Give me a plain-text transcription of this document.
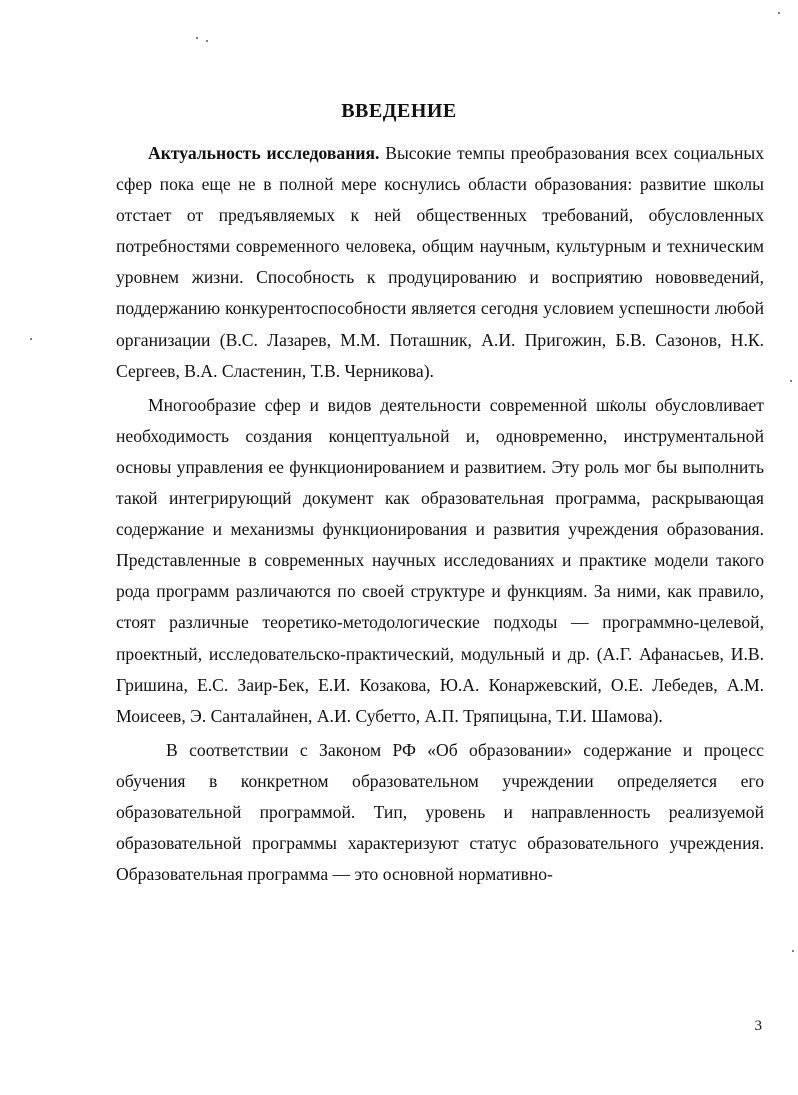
ВВЕДЕНИЕ

Актуальность исследования. Высокие темпы преобразования всех социальных сфер пока еще не в полной мере коснулись области образования: развитие школы отстает от предъявляемых к ней общественных требований, обусловленных потребностями современного человека, общим научным, культурным и техническим уровнем жизни. Способность к продуцированию и восприятию нововведений, поддержанию конкурентоспособности является сегодня условием успешности любой организации (В.С. Лазарев, М.М. Поташник, А.И. Пригожин, Б.В. Сазонов, Н.К. Сергеев, В.А. Сластенин, Т.В. Черникова).

Многообразие сфер и видов деятельности современной школы обусловливает необходимость создания концептуальной и, одновременно, инструментальной основы управления ее функционированием и развитием. Эту роль мог бы выполнить такой интегрирующий документ как образовательная программа, раскрывающая содержание и механизмы функционирования и развития учреждения образования. Представленные в современных научных исследованиях и практике модели такого рода программ различаются по своей структуре и функциям. За ними, как правило, стоят различные теоретико-методологические подходы — программно-целевой, проектный, исследовательско-практический, модульный и др. (А.Г. Афанасьев, И.В. Гришина, Е.С. Заир-Бек, Е.И. Козакова, Ю.А. Конаржевский, О.Е. Лебедев, А.М. Моисеев, Э. Санталайнен, А.И. Субетто, А.П. Тряпицына, Т.И. Шамова).

В соответствии с Законом РФ «Об образовании» содержание и процесс обучения в конкретном образовательном учреждении определяется его образовательной программой. Тип, уровень и направленность реализуемой образовательной программы характеризуют статус образовательного учреждения. Образовательная программа — это основной нормативно-

3
